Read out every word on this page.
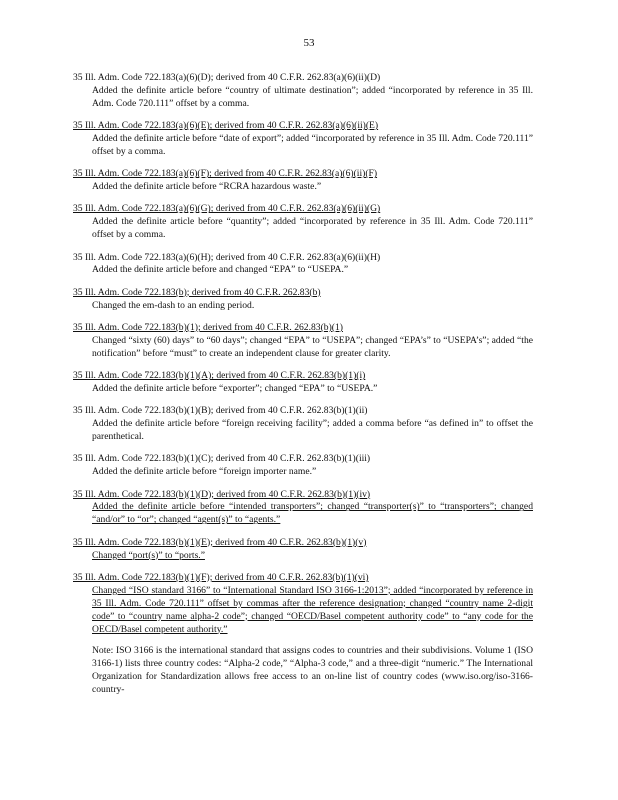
53
35 Ill. Adm. Code 722.183(a)(6)(D); derived from 40 C.F.R. 262.83(a)(6)(ii)(D)
Added the definite article before “country of ultimate destination”; added “incorporated by reference in 35 Ill. Adm. Code 720.111” offset by a comma.
35 Ill. Adm. Code 722.183(a)(6)(E); derived from 40 C.F.R. 262.83(a)(6)(ii)(E)
Added the definite article before “date of export”; added “incorporated by reference in 35 Ill. Adm. Code 720.111” offset by a comma.
35 Ill. Adm. Code 722.183(a)(6)(F); derived from 40 C.F.R. 262.83(a)(6)(ii)(F)
Added the definite article before “RCRA hazardous waste.”
35 Ill. Adm. Code 722.183(a)(6)(G); derived from 40 C.F.R. 262.83(a)(6)(ii)(G)
Added the definite article before “quantity”; added “incorporated by reference in 35 Ill. Adm. Code 720.111” offset by a comma.
35 Ill. Adm. Code 722.183(a)(6)(H); derived from 40 C.F.R. 262.83(a)(6)(ii)(H)
Added the definite article before and changed “EPA” to “USEPA.”
35 Ill. Adm. Code 722.183(b); derived from 40 C.F.R. 262.83(b)
Changed the em-dash to an ending period.
35 Ill. Adm. Code 722.183(b)(1); derived from 40 C.F.R. 262.83(b)(1)
Changed “sixty (60) days” to “60 days”; changed “EPA” to “USEPA”; changed “EPA’s” to “USEPA’s”; added “the notification” before “must” to create an independent clause for greater clarity.
35 Ill. Adm. Code 722.183(b)(1)(A); derived from 40 C.F.R. 262.83(b)(1)(i)
Added the definite article before “exporter”; changed “EPA” to “USEPA.”
35 Ill. Adm. Code 722.183(b)(1)(B); derived from 40 C.F.R. 262.83(b)(1)(ii)
Added the definite article before “foreign receiving facility”; added a comma before “as defined in” to offset the parenthetical.
35 Ill. Adm. Code 722.183(b)(1)(C); derived from 40 C.F.R. 262.83(b)(1)(iii)
Added the definite article before “foreign importer name.”
35 Ill. Adm. Code 722.183(b)(1)(D); derived from 40 C.F.R. 262.83(b)(1)(iv)
Added the definite article before “intended transporters”; changed “transporter(s)” to “transporters”; changed “and/or” to “or”; changed “agent(s)” to “agents.”
35 Ill. Adm. Code 722.183(b)(1)(E); derived from 40 C.F.R. 262.83(b)(1)(v)
Changed “port(s)” to “ports.”
35 Ill. Adm. Code 722.183(b)(1)(F); derived from 40 C.F.R. 262.83(b)(1)(vi)
Changed “ISO standard 3166” to “International Standard ISO 3166-1:2013”; added “incorporated by reference in 35 Ill. Adm. Code 720.111” offset by commas after the reference designation; changed “country name 2-digit code” to “country name alpha-2 code”; changed “OECD/Basel competent authority code” to “any code for the OECD/Basel competent authority.”
Note: ISO 3166 is the international standard that assigns codes to countries and their subdivisions. Volume 1 (ISO 3166-1) lists three country codes: “Alpha-2 code,” “Alpha-3 code,” and a three-digit “numeric.” The International Organization for Standardization allows free access to an on-line list of country codes (www.iso.org/iso-3166-country-
